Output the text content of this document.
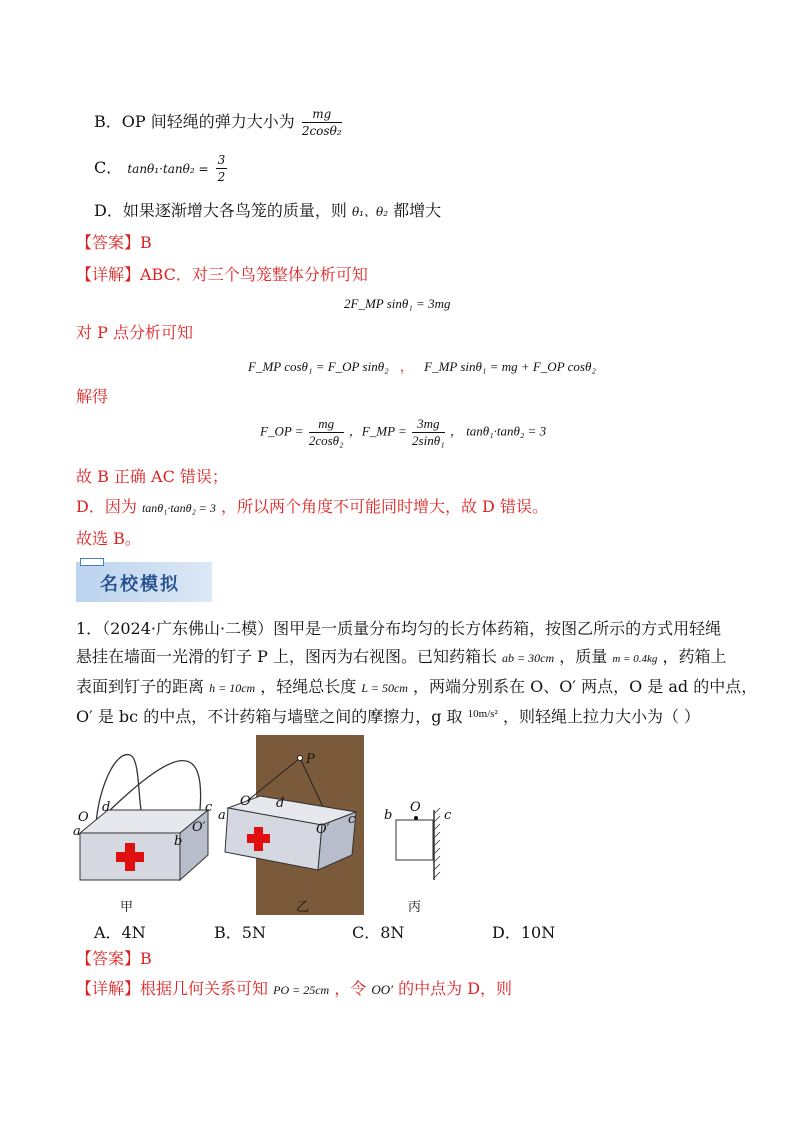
B．OP 间轻绳的弹力大小为 $\frac{mg}{\text{2cosθ₂}}$
C． $\tan\theta_1\cdot\tan\theta_2 = \frac{3}{2}$
D．如果逐渐增大各鸟笼的质量，则 θ₁、θ₂ 都增大
【答案】B
【详解】ABC．对三个鸟笼整体分析可知
2F_MP sinθ₁ = 3mg
对 P 点分析可知
F_MP cosθ₁ = F_OP sinθ₂ ， F_MP sinθ₁ = mg + F_OP cosθ₂
解得
F_OP = $\frac{mg}{\text{2cosθ₂}}$ ，F_MP = $\frac{3mg}{\text{2sinθ₁}}$ ， tanθ₁·tanθ₂ = 3
故 B 正确 AC 错误；
D．因为 tanθ₁·tanθ₂ = 3 ，所以两个角度不可能同时增大，故 D 错误。
故选 B。
名校模拟
1．（2024·广东佛山·二模）图甲是一质量分布均匀的长方体药箱，按图乙所示的方式用轻绳
悬挂在墙面一光滑的钉子 P 上，图丙为右视图。已知药箱长 ab = 30cm ，质量 m = 0.4kg ，药箱上
表面到钉子的距离 h = 10cm ，轻绳总长度 L = 50cm ，两端分别系在 O、O′ 两点，O 是 ad 的中点，
O′ 是 bc 的中点，不计药箱与墙壁之间的摩擦力，g 取 $^{10m/s^2}$ ，则轻绳上拉力大小为（ ）
O
d	c
a
b
O′
P
O d
a	c
O′
O
b	c
甲	乙	丙
A．4N	B．5N	C．8N	D．10N
【答案】B
【详解】根据几何关系可知 PO = 25cm ，令 OO′ 的中点为 D，则
